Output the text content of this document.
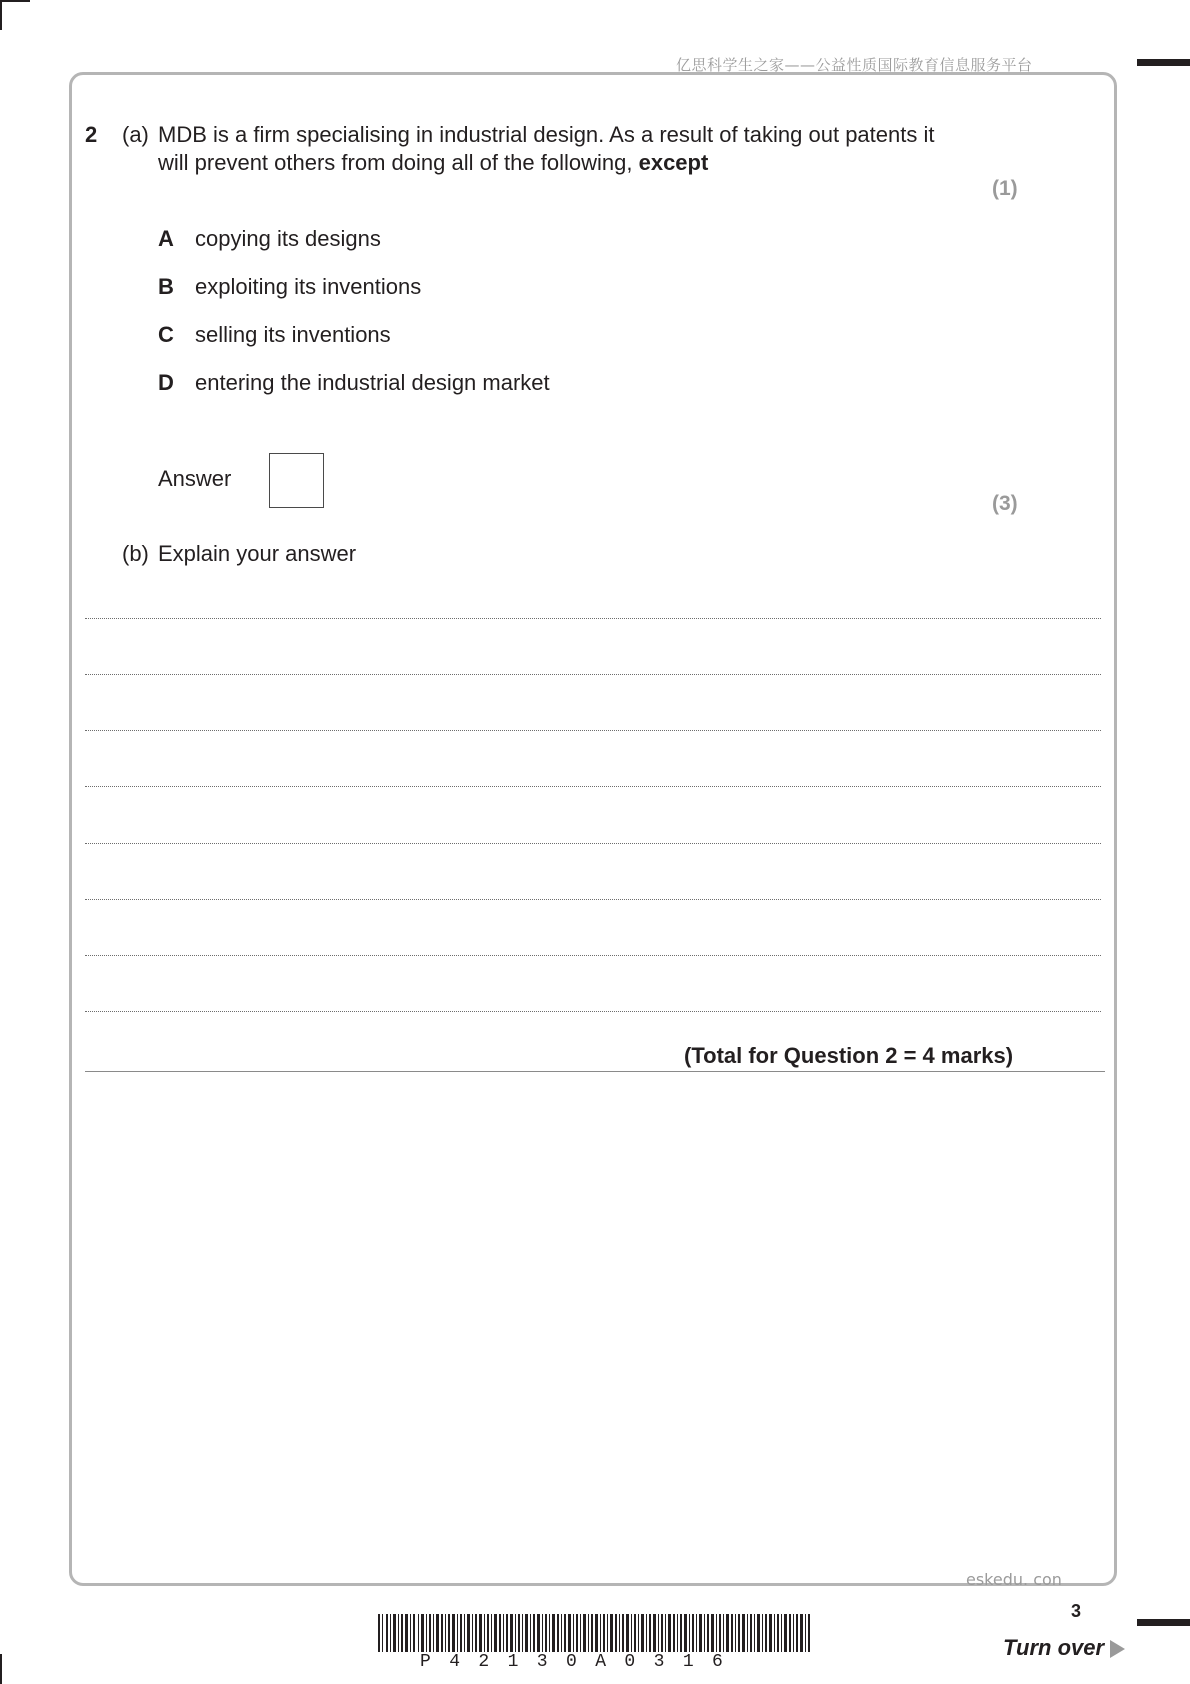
亿思科学生之家——公益性质国际教育信息服务平台
2 (a) MDB is a firm specialising in industrial design. As a result of taking out patents it
will prevent others from doing all of the following, except
(1)
A copying its designs
B exploiting its inventions
C selling its inventions
D entering the industrial design market
Answer
(3)
(b) Explain your answer
(Total for Question 2 = 4 marks)
eskedu. con
P42130A0316
3
Turn over
